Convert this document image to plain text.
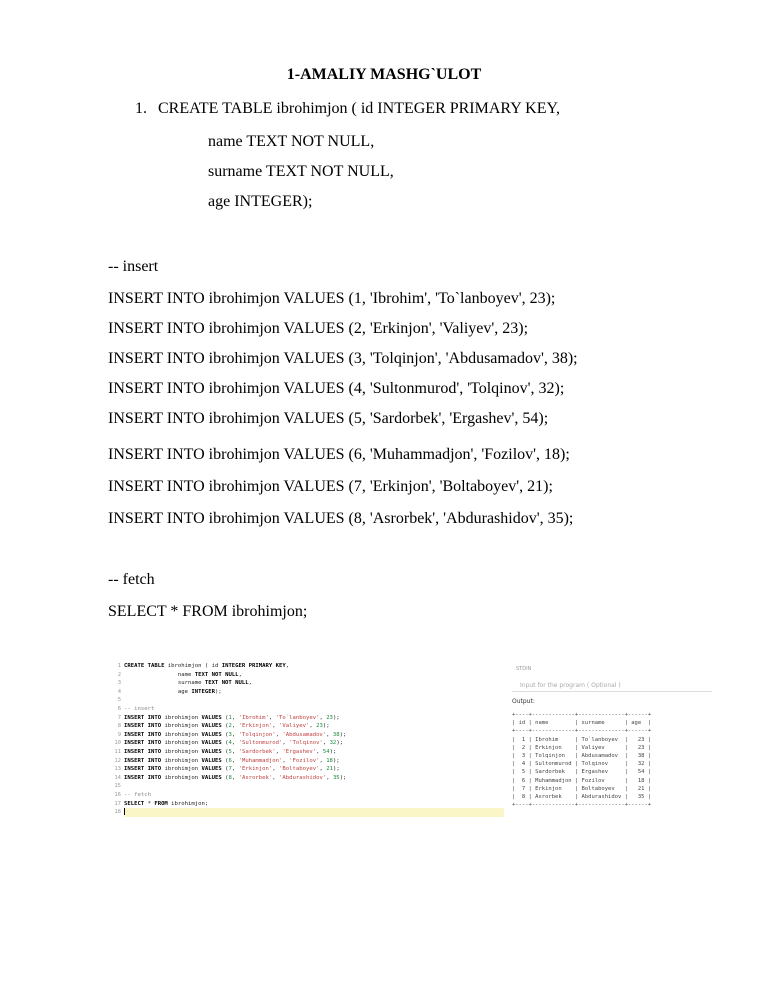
1-AMALIY MASHG`ULOT
1. CREATE TABLE ibrohimjon ( id INTEGER PRIMARY KEY,
name TEXT NOT NULL,
surname TEXT NOT NULL,
age INTEGER);
-- insert
INSERT INTO ibrohimjon VALUES (1, 'Ibrohim', 'To`lanboyev', 23);
INSERT INTO ibrohimjon VALUES (2, 'Erkinjon', 'Valiyev', 23);
INSERT INTO ibrohimjon VALUES (3, 'Tolqinjon', 'Abdusamadov', 38);
INSERT INTO ibrohimjon VALUES (4, 'Sultonmurod', 'Tolqinov', 32);
INSERT INTO ibrohimjon VALUES (5, 'Sardorbek', 'Ergashev', 54);
INSERT INTO ibrohimjon VALUES (6, 'Muhammadjon', 'Fozilov', 18);
INSERT INTO ibrohimjon VALUES (7, 'Erkinjon', 'Boltaboyev', 21);
INSERT INTO ibrohimjon VALUES (8, 'Asrorbek', 'Abdurashidov', 35);
-- fetch
SELECT * FROM ibrohimjon;
1
2
3
4
5
6
7
8
9
10
11
12
13
14
15
16
17
18
CREATE TABLE ibrohimjon ( id INTEGER PRIMARY KEY,
name TEXT NOT NULL,
surname TEXT NOT NULL,
age INTEGER);
-- insert
INSERT INTO ibrohimjon VALUES (1, 'Ibrohim', 'To`lanboyev', 23);
INSERT INTO ibrohimjon VALUES (2, 'Erkinjon', 'Valiyev', 23);
INSERT INTO ibrohimjon VALUES (3, 'Tolqinjon', 'Abdusamadov', 38);
INSERT INTO ibrohimjon VALUES (4, 'Sultonmurod', 'Tolqinov', 32);
INSERT INTO ibrohimjon VALUES (5, 'Sardorbek', 'Ergashev', 54);
INSERT INTO ibrohimjon VALUES (6, 'Muhammadjon', 'Fozilov', 18);
INSERT INTO ibrohimjon VALUES (7, 'Erkinjon', 'Boltaboyev', 21);
INSERT INTO ibrohimjon VALUES (8, 'Asrorbek', 'Abdurashidov', 35);
-- fetch
SELECT * FROM ibrohimjon;
STDIN
Input for the program ( Optional )
Output:
+----+-------------+--------------+------+
| id | name        | surname      | age  |
+----+-------------+--------------+------+
|  1 | Ibrohim     | To`lanboyev  |   23 |
|  2 | Erkinjon    | Valiyev      |   23 |
|  3 | Tolqinjon   | Abdusamadov  |   38 |
|  4 | Sultonmurod | Tolqinov     |   32 |
|  5 | Sardorbek   | Ergashev     |   54 |
|  6 | Muhammadjon | Fozilov      |   18 |
|  7 | Erkinjon    | Boltaboyev   |   21 |
|  8 | Asrorbek    | Abdurashidov |   35 |
+----+-------------+--------------+------+
